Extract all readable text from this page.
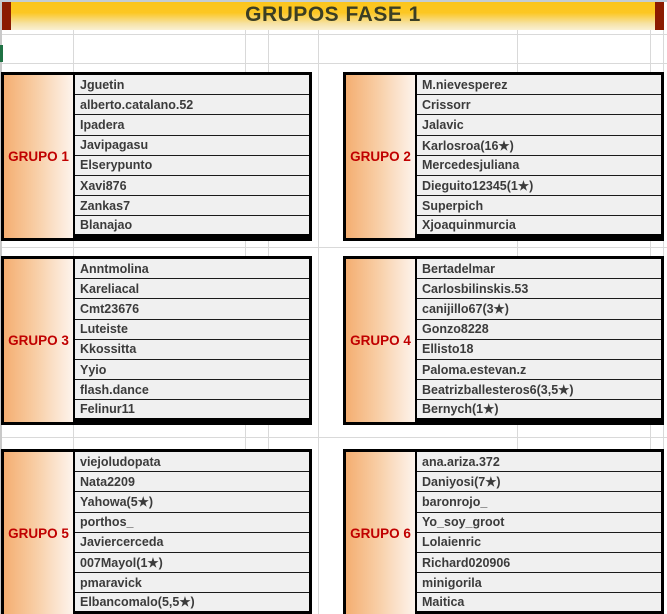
GRUPOS FASE 1
GRUPO 1
Jguetin
alberto.catalano.52
Ipadera
Javipagasu
Elserypunto
Xavi876
Zankas7
Blanajao
GRUPO 2
M.nievesperez
Crissorr
Jalavic
Karlosroa(16★)
Mercedesjuliana
Dieguito12345(1★)
Superpich
Xjoaquinmurcia
GRUPO 3
Anntmolina
Kareliacal
Cmt23676
Luteiste
Kkossitta
Yyio
flash.dance
Felinur11
GRUPO 4
Bertadelmar
Carlosbilinskis.53
canijillo67(3★)
Gonzo8228
Ellisto18
Paloma.estevan.z
Beatrizballesteros6(3,5★)
Bernych(1★)
GRUPO 5
viejoludopata
Nata2209
Yahowa(5★)
porthos_
Javiercerceda
007Mayol(1★)
pmaravick
Elbancomalo(5,5★)
GRUPO 6
ana.ariza.372
Daniyosi(7★)
baronrojo_
Yo_soy_groot
Lolaienric
Richard020906
minigorila
Maitica
